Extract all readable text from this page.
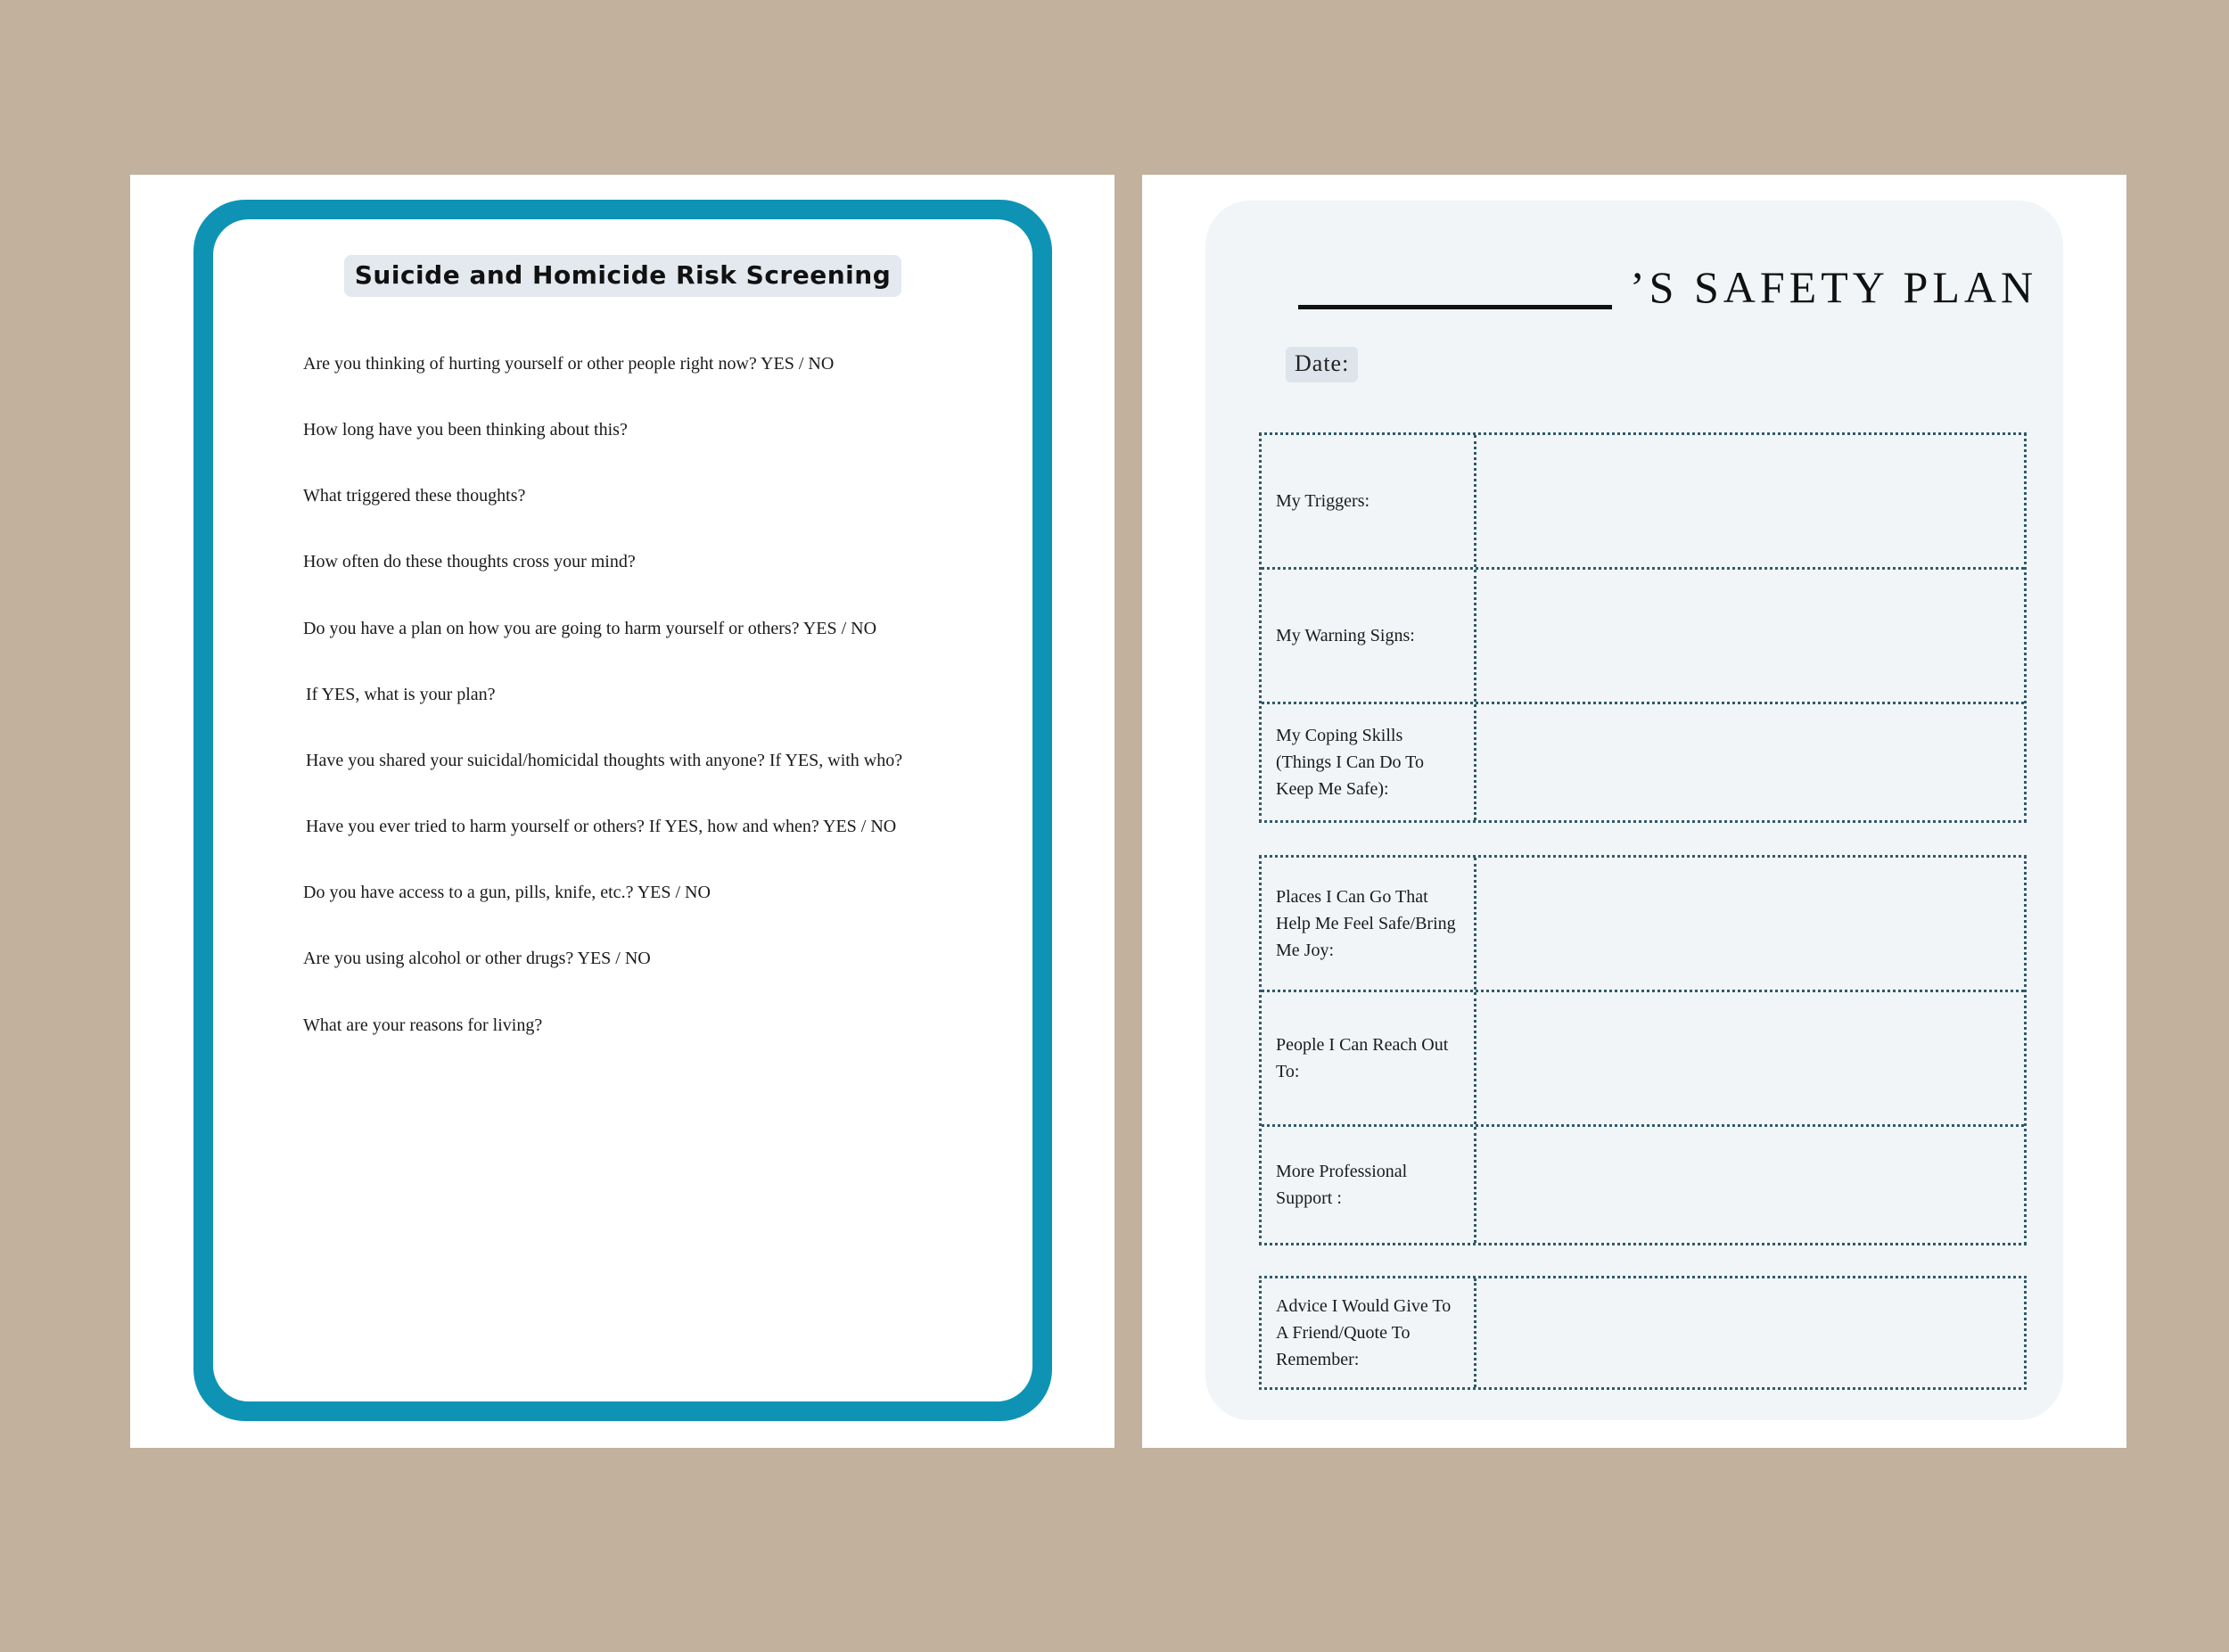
Suicide and Homicide Risk Screening
Are you thinking of hurting yourself or other people right now? YES / NO
How long have you been thinking about this?
What triggered these thoughts?
How often do these thoughts cross your mind?
Do you have a plan on how you are going to harm yourself or others? YES / NO
If YES, what is your plan?
Have you shared your suicidal/homicidal thoughts with anyone? If YES, with who?
Have you ever tried to harm yourself or others? If YES, how and when? YES / NO
Do you have access to a gun, pills, knife, etc.? YES / NO
Are you using alcohol or other drugs? YES / NO
What are your reasons for living?
’S SAFETY PLAN
Date:
My Triggers:
My Warning Signs:
My Coping Skills (Things I Can Do To Keep Me Safe):
Places I Can Go That Help Me Feel Safe/Bring Me Joy:
People I Can Reach Out To:
More Professional Support :
Advice I Would Give To A Friend/Quote To Remember:
